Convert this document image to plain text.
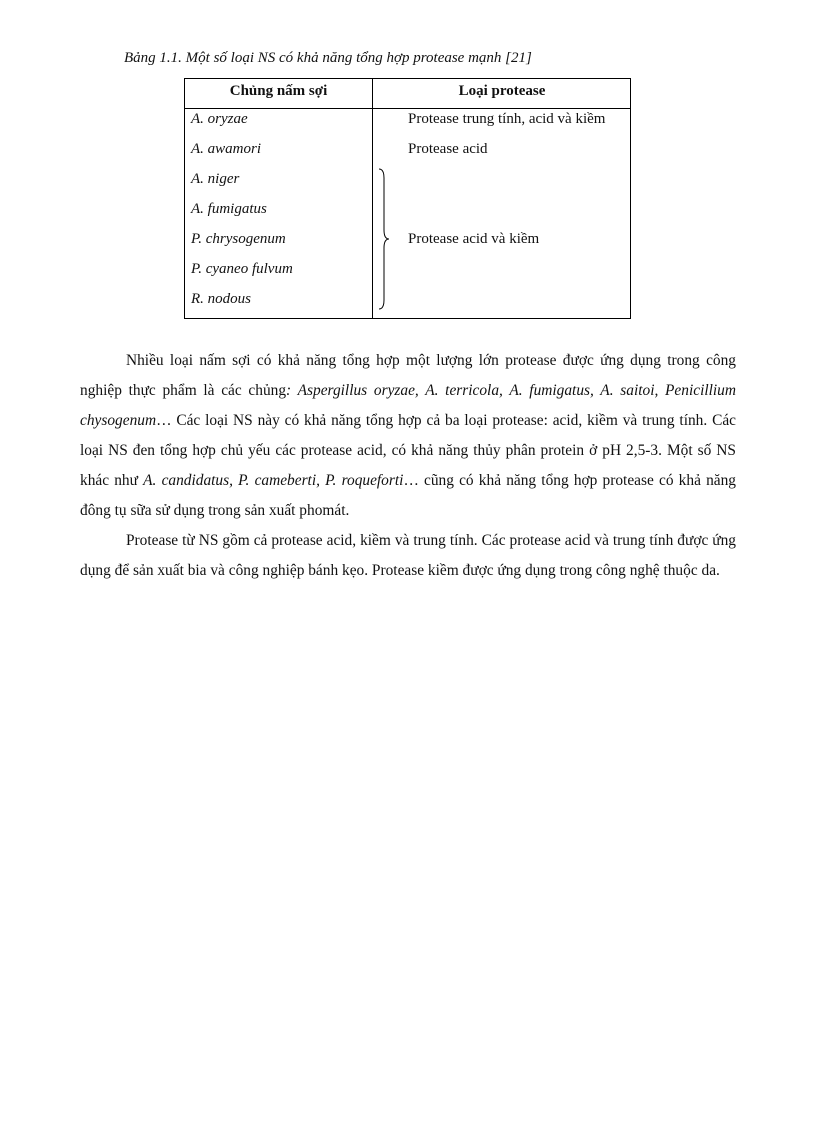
Bảng 1.1. Một số loại NS có khả năng tổng hợp protease mạnh [21]
Chủng nấm sợi	Loại protease
A. oryzae
A. awamori
A. niger
A. fumigatus
P. chrysogenum
P. cyaneo fulvum
R. nodous
Protease trung tính, acid và kiềm
Protease acid
Protease acid và kiềm
Nhiều loại nấm sợi có khả năng tổng hợp một lượng lớn protease được ứng dụng trong công nghiệp thực phẩm là các chủng: Aspergillus oryzae, A. terricola, A. fumigatus, A. saitoi, Penicillium chysogenum… Các loại NS này có khả năng tổng hợp cả ba loại protease: acid, kiềm và trung tính. Các loại NS đen tổng hợp chủ yếu các protease acid, có khả năng thủy phân protein ở pH 2,5-3. Một số NS khác như A. candidatus, P. cameberti, P. roqueforti… cũng có khả năng tổng hợp protease có khả năng đông tụ sữa sử dụng trong sản xuất phomát.
Protease từ NS gồm cả protease acid, kiềm và trung tính. Các protease acid và trung tính được ứng dụng để sản xuất bia và công nghiệp bánh kẹo. Protease kiềm được ứng dụng trong công nghệ thuộc da.
